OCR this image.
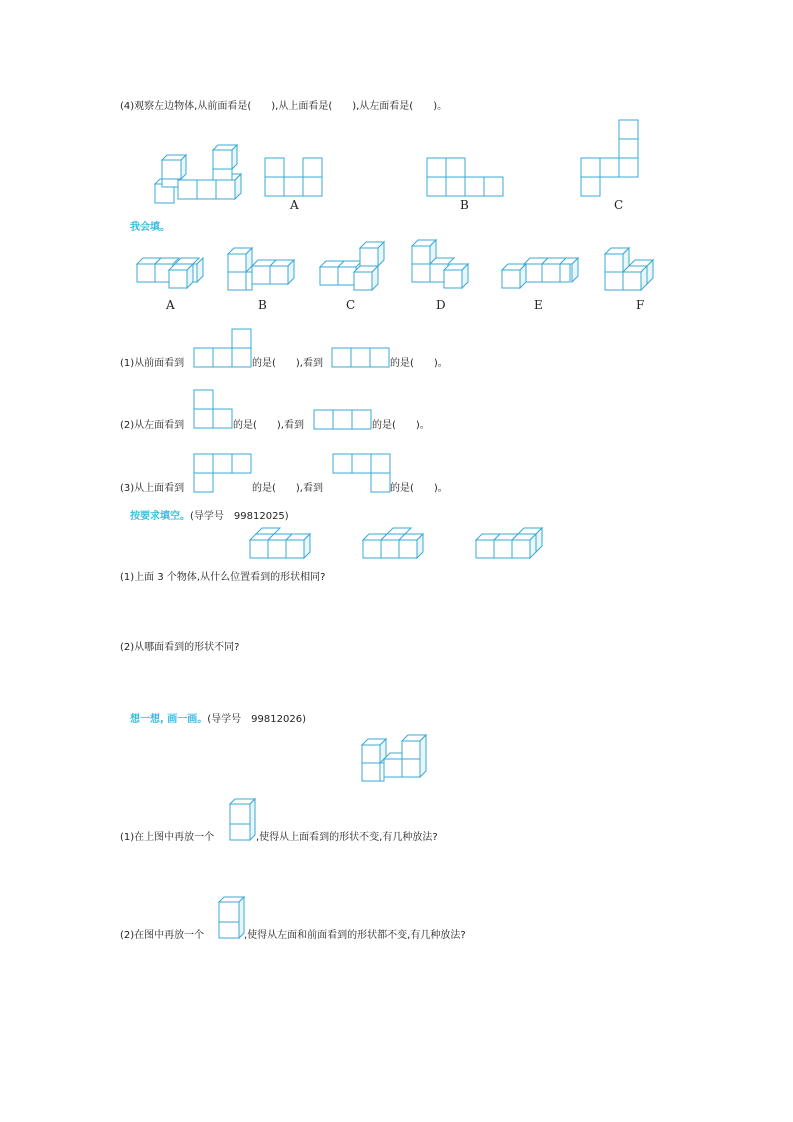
(4)观察左边物体,从前面看是(　　),从上面看是(　　),从左面看是(　　)。
A	B	C
我会填。
A	B	C	D	E	F
(1)从前面看到	的是(　　),看到	的是(　　)。
(2)从左面看到	的是(　　),看到	的是(　　)。
(3)从上面看到	的是(　　),看到	的是(　　)。
按要求填空。(导学号　99812025)
(1)上面 3 个物体,从什么位置看到的形状相同?
(2)从哪面看到的形状不同?
想一想, 画一画。(导学号　99812026)
(1)在上图中再放一个	,使得从上面看到的形状不变,有几种放法?
(2)在图中再放一个	,使得从左面和前面看到的形状都不变,有几种放法?
